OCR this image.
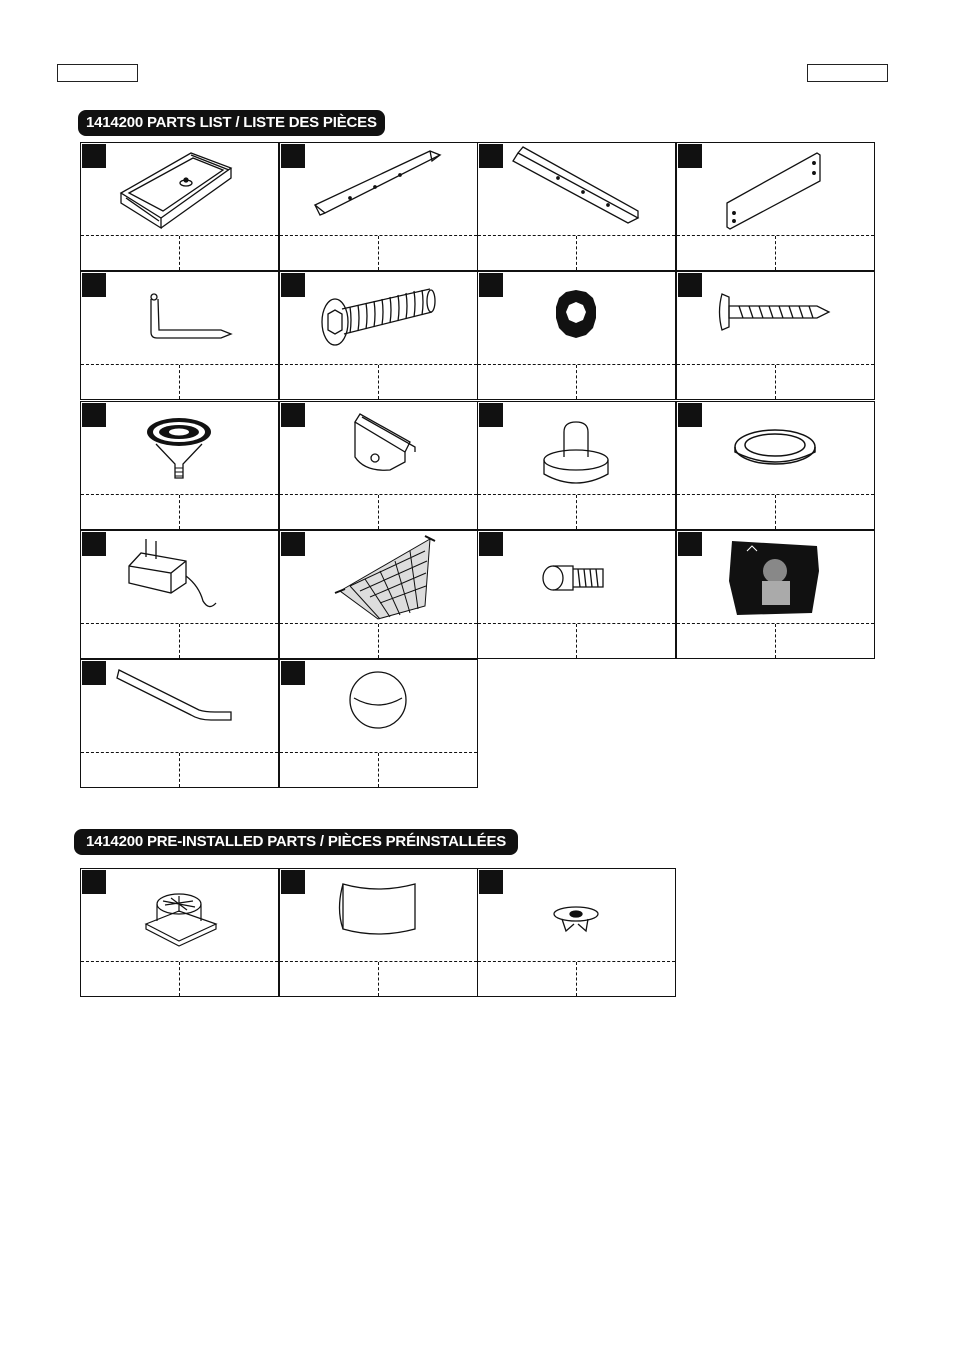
1414200 PARTS LIST / LISTE DES PIÈCES
1414200 PRE-INSTALLED PARTS / PIÈCES PRÉINSTALLÉES
